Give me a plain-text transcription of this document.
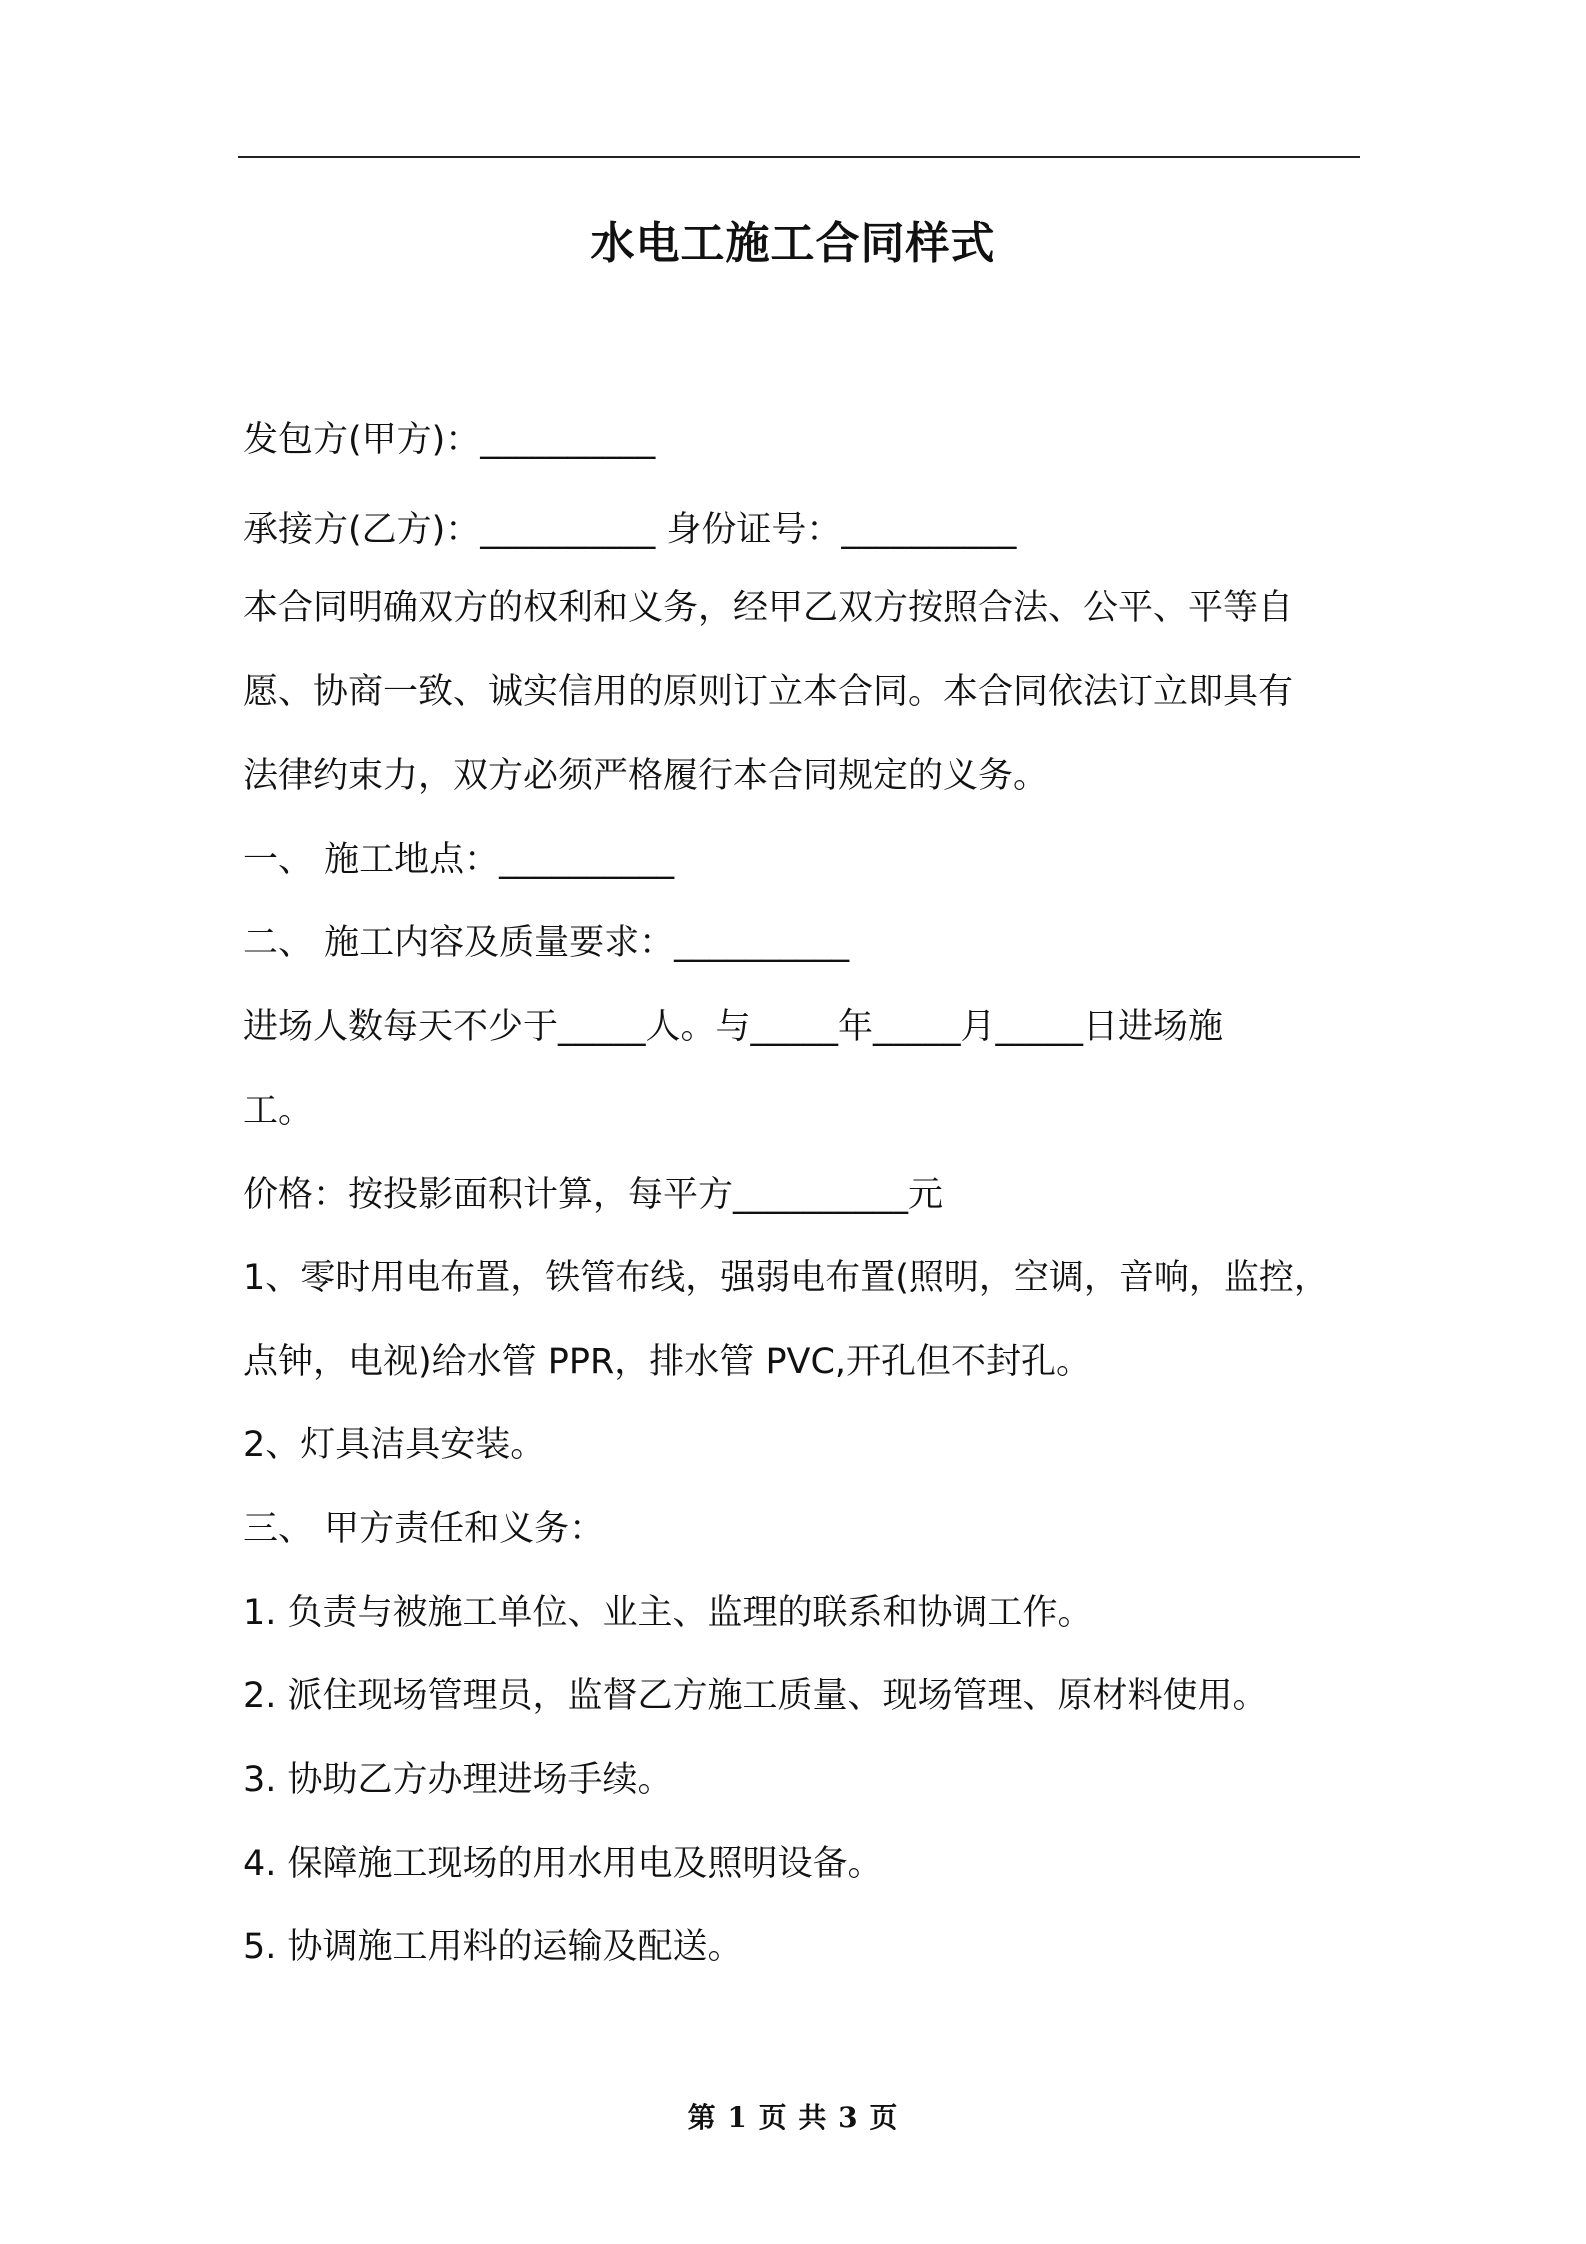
水电工施工合同样式
发包方(甲方)：__________
承接方(乙方)：__________ 身份证号：__________
本合同明确双方的权利和义务，经甲乙双方按照合法、公平、平等自
愿、协商一致、诚实信用的原则订立本合同。本合同依法订立即具有
法律约束力，双方必须严格履行本合同规定的义务。
一、 施工地点：__________
二、 施工内容及质量要求：__________
进场人数每天不少于_____人。与_____年_____月_____日进场施
工。
价格：按投影面积计算，每平方__________元
1、零时用电布置，铁管布线，强弱电布置(照明，空调，音响，监控，
点钟，电视)给水管 PPR，排水管 PVC,开孔但不封孔。
2、灯具洁具安装。
三、 甲方责任和义务：
1. 负责与被施工单位、业主、监理的联系和协调工作。
2. 派住现场管理员，监督乙方施工质量、现场管理、原材料使用。
3. 协助乙方办理进场手续。
4. 保障施工现场的用水用电及照明设备。
5. 协调施工用料的运输及配送。
第 1 页 共 3 页
